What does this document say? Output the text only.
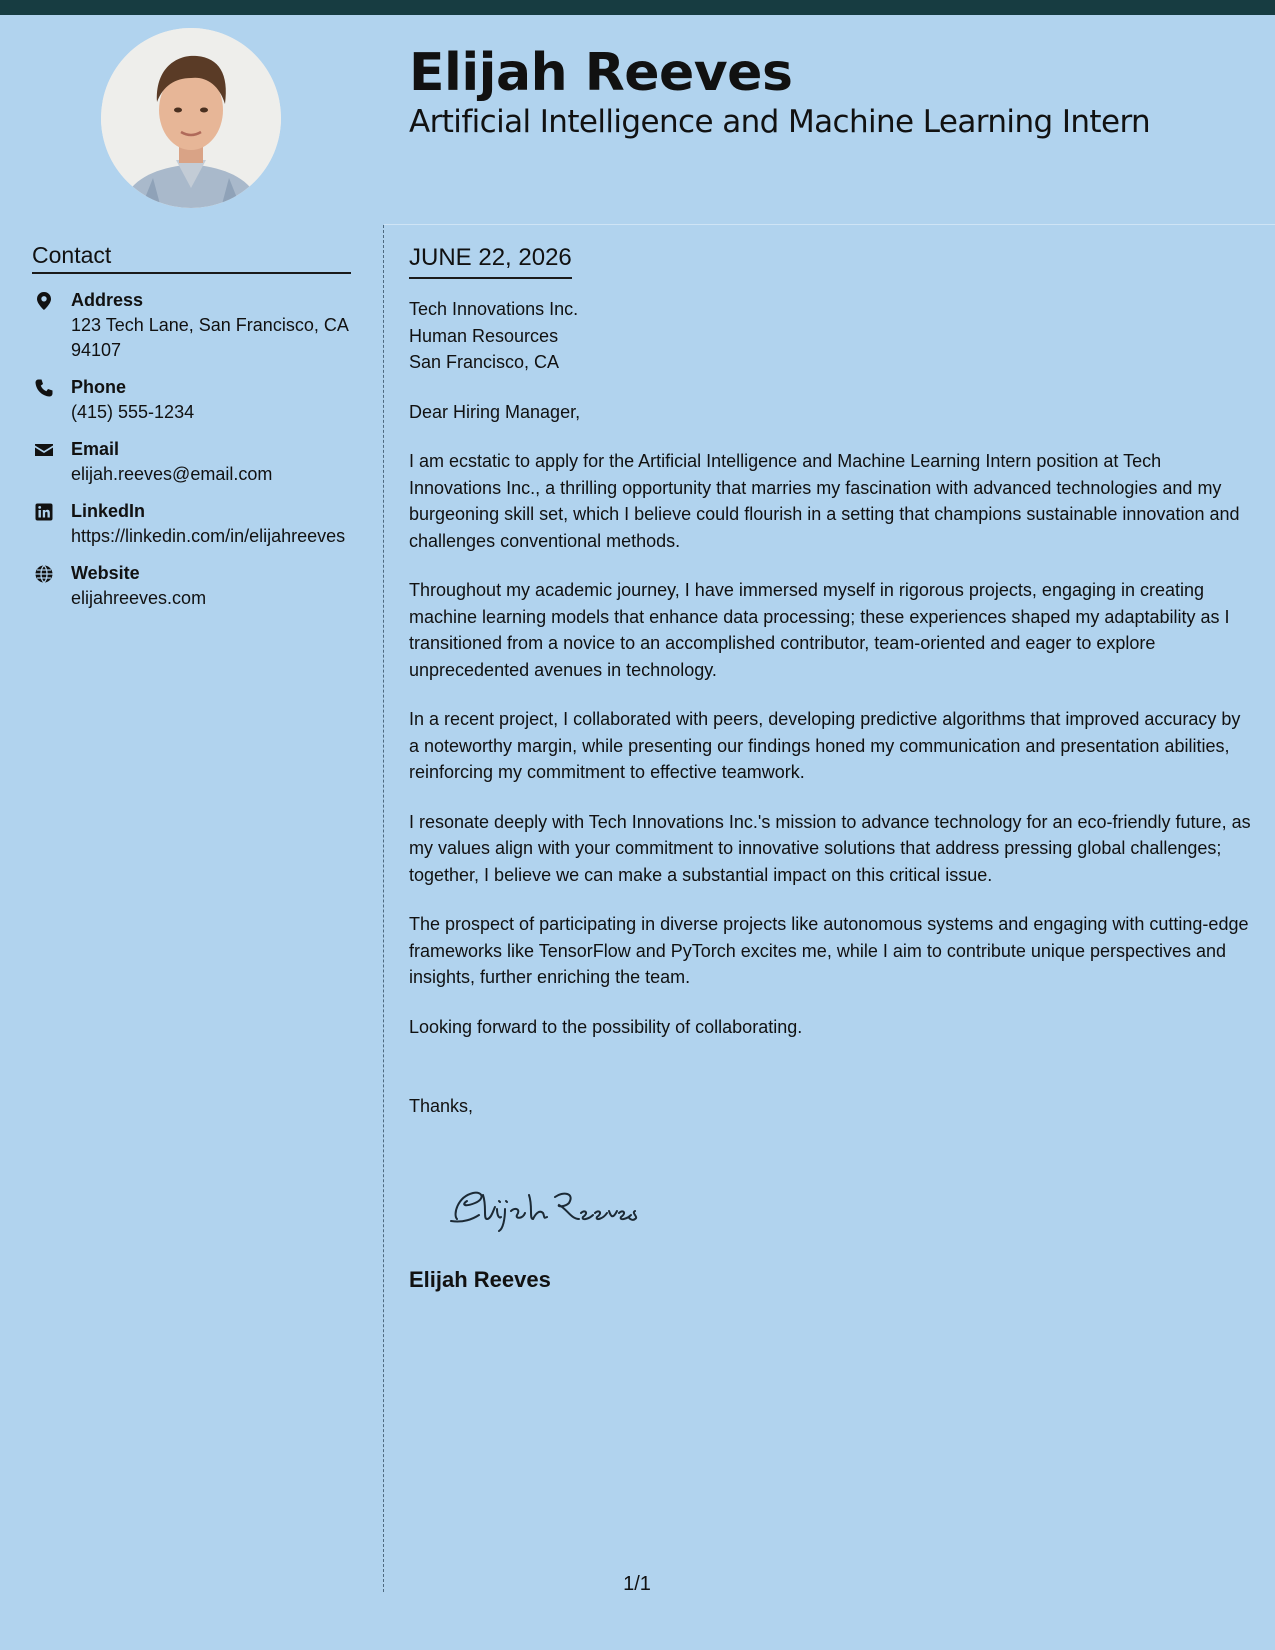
Elijah Reeves
Artificial Intelligence and Machine Learning Intern
Contact
Address
123 Tech Lane, San Francisco, CA 94107
Phone
(415) 555-1234
Email
elijah.reeves@email.com
LinkedIn
https://linkedin.com/in/elijahreeves
Website
elijahreeves.com
JUNE 22, 2026
Tech Innovations Inc.
Human Resources
San Francisco, CA
Dear Hiring Manager,

I am ecstatic to apply for the Artificial Intelligence and Machine Learning Intern position at Tech Innovations Inc., a thrilling opportunity that marries my fascination with advanced technologies and my burgeoning skill set, which I believe could flourish in a setting that champions sustainable innovation and challenges conventional methods.

Throughout my academic journey, I have immersed myself in rigorous projects, engaging in creating machine learning models that enhance data processing; these experiences shaped my adaptability as I transitioned from a novice to an accomplished contributor, team-oriented and eager to explore unprecedented avenues in technology.

In a recent project, I collaborated with peers, developing predictive algorithms that improved accuracy by a noteworthy margin, while presenting our findings honed my communication and presentation abilities, reinforcing my commitment to effective teamwork.

I resonate deeply with Tech Innovations Inc.'s mission to advance technology for an eco-friendly future, as my values align with your commitment to innovative solutions that address pressing global challenges; together, I believe we can make a substantial impact on this critical issue.

The prospect of participating in diverse projects like autonomous systems and engaging with cutting-edge frameworks like TensorFlow and PyTorch excites me, while I aim to contribute unique perspectives and insights, further enriching the team.

Looking forward to the possibility of collaborating.

Thanks,
Elijah Reeves
1/1
